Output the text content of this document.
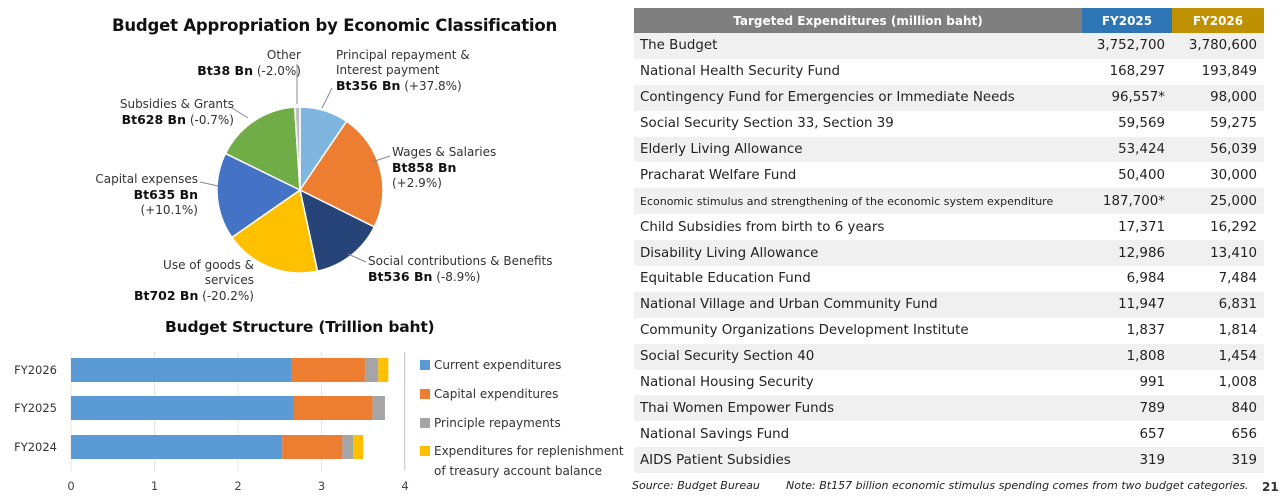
Budget Appropriation by Economic Classification
Other
Bt38 Bn (-2.0%)
Principal repayment &
Interest payment
Bt356 Bn (+37.8%)
Subsidies & Grants
Bt628 Bn (-0.7%)
Wages & Salaries
Bt858 Bn
(+2.9%)
Capital expenses
Bt635 Bn (+10.1%)
Use of goods & services
Bt702 Bn (-20.2%)
Social contributions & Benefits
Bt536 Bn (-8.9%)
Budget Structure (Trillion baht)
FY2026
FY2025
FY2024
0	1	2	3	4
Current expenditures
Capital expenditures
Principle repayments
Expenditures for replenishment
of treasury account balance
Targeted Expenditures (million baht)	FY2025	FY2026
The Budget	3,752,700	3,780,600
National Health Security Fund	168,297	193,849
Contingency Fund for Emergencies or Immediate Needs	96,557*	98,000
Social Security Section 33, Section 39	59,569	59,275
Elderly Living Allowance	53,424	56,039
Pracharat Welfare Fund	50,400	30,000
Economic stimulus and strengthening of the economic system expenditure	187,700*	25,000
Child Subsidies from birth to 6 years	17,371	16,292
Disability Living Allowance	12,986	13,410
Equitable Education Fund	6,984	7,484
National Village and Urban Community Fund	11,947	6,831
Community Organizations Development Institute	1,837	1,814
Social Security Section 40	1,808	1,454
National Housing Security	991	1,008
Thai Women Empower Funds	789	840
National Savings Fund	657	656
AIDS Patient Subsidies	319	319
Source: Budget Bureau Note: Bt157 billion economic stimulus spending comes from two budget categories. 21
